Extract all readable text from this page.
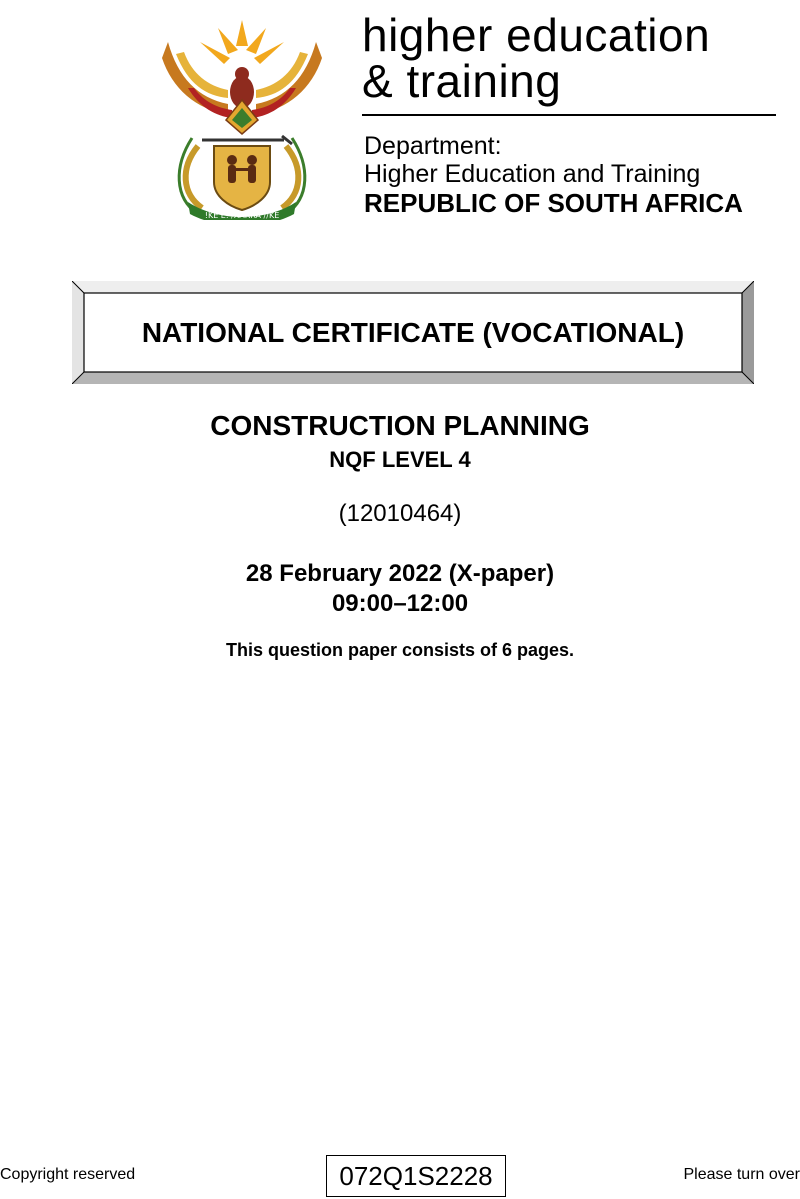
!KE E: /XARRA //KE
higher education
& training
Department:
Higher Education and Training
REPUBLIC OF SOUTH AFRICA
NATIONAL CERTIFICATE (VOCATIONAL)
CONSTRUCTION PLANNING
NQF LEVEL 4
(12010464)
28 February 2022 (X-paper)
09:00–12:00
This question paper consists of 6 pages.
Copyright reserved	072Q1S2228	Please turn over
